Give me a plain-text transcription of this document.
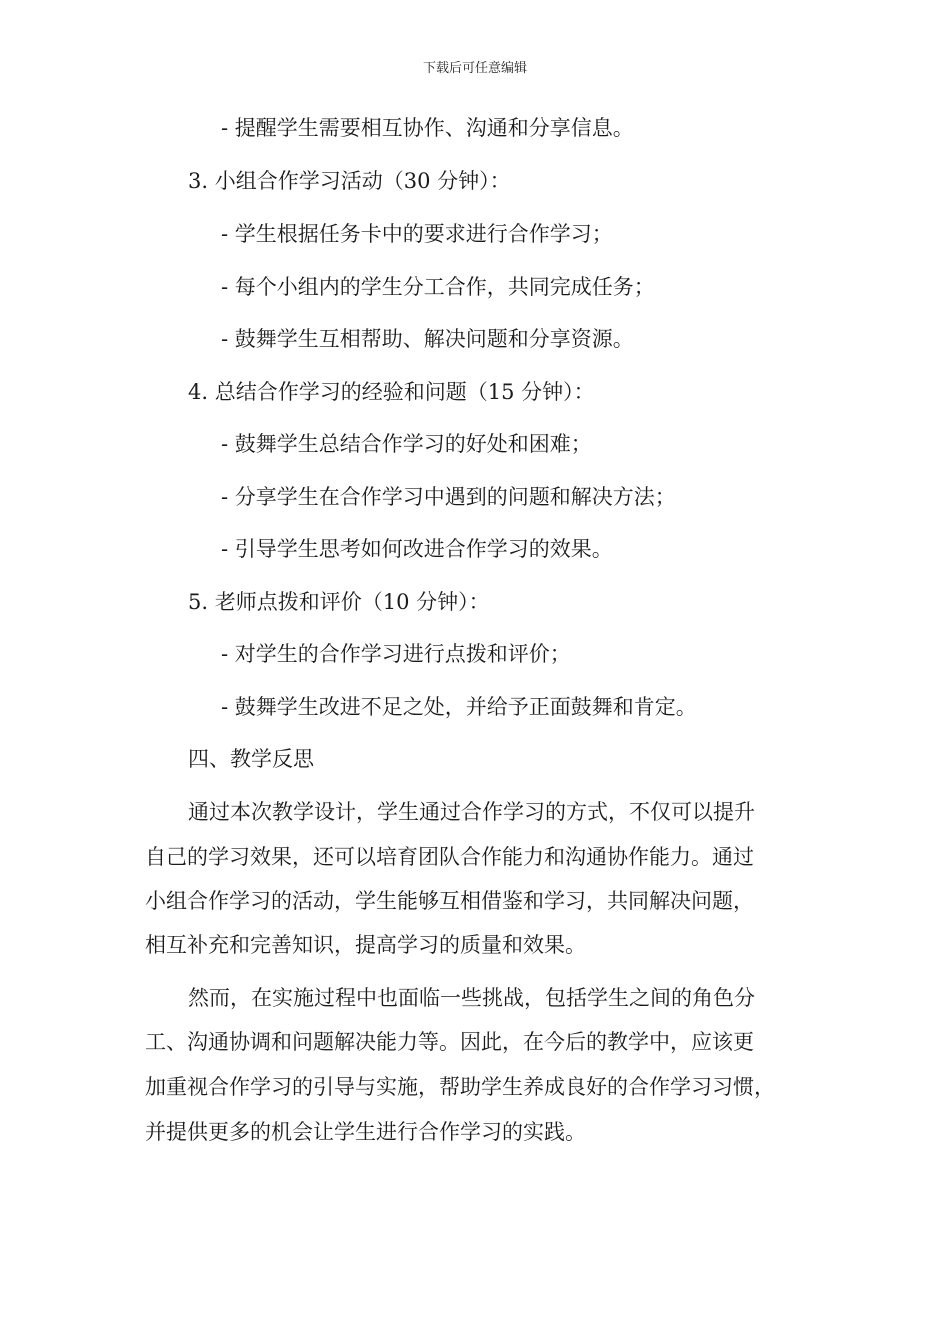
下载后可任意编辑
- 提醒学生需要相互协作、沟通和分享信息。
3. 小组合作学习活动（30 分钟）：
- 学生根据任务卡中的要求进行合作学习；
- 每个小组内的学生分工合作，共同完成任务；
- 鼓舞学生互相帮助、解决问题和分享资源。
4. 总结合作学习的经验和问题（15 分钟）：
- 鼓舞学生总结合作学习的好处和困难；
- 分享学生在合作学习中遇到的问题和解决方法；
- 引导学生思考如何改进合作学习的效果。
5. 老师点拨和评价（10 分钟）：
- 对学生的合作学习进行点拨和评价；
- 鼓舞学生改进不足之处，并给予正面鼓舞和肯定。
四、教学反思
通过本次教学设计，学生通过合作学习的方式，不仅可以提升
自己的学习效果，还可以培育团队合作能力和沟通协作能力。通过
小组合作学习的活动，学生能够互相借鉴和学习，共同解决问题，
相互补充和完善知识，提高学习的质量和效果。
然而，在实施过程中也面临一些挑战，包括学生之间的角色分
工、沟通协调和问题解决能力等。因此，在今后的教学中，应该更
加重视合作学习的引导与实施，帮助学生养成良好的合作学习习惯，
并提供更多的机会让学生进行合作学习的实践。
